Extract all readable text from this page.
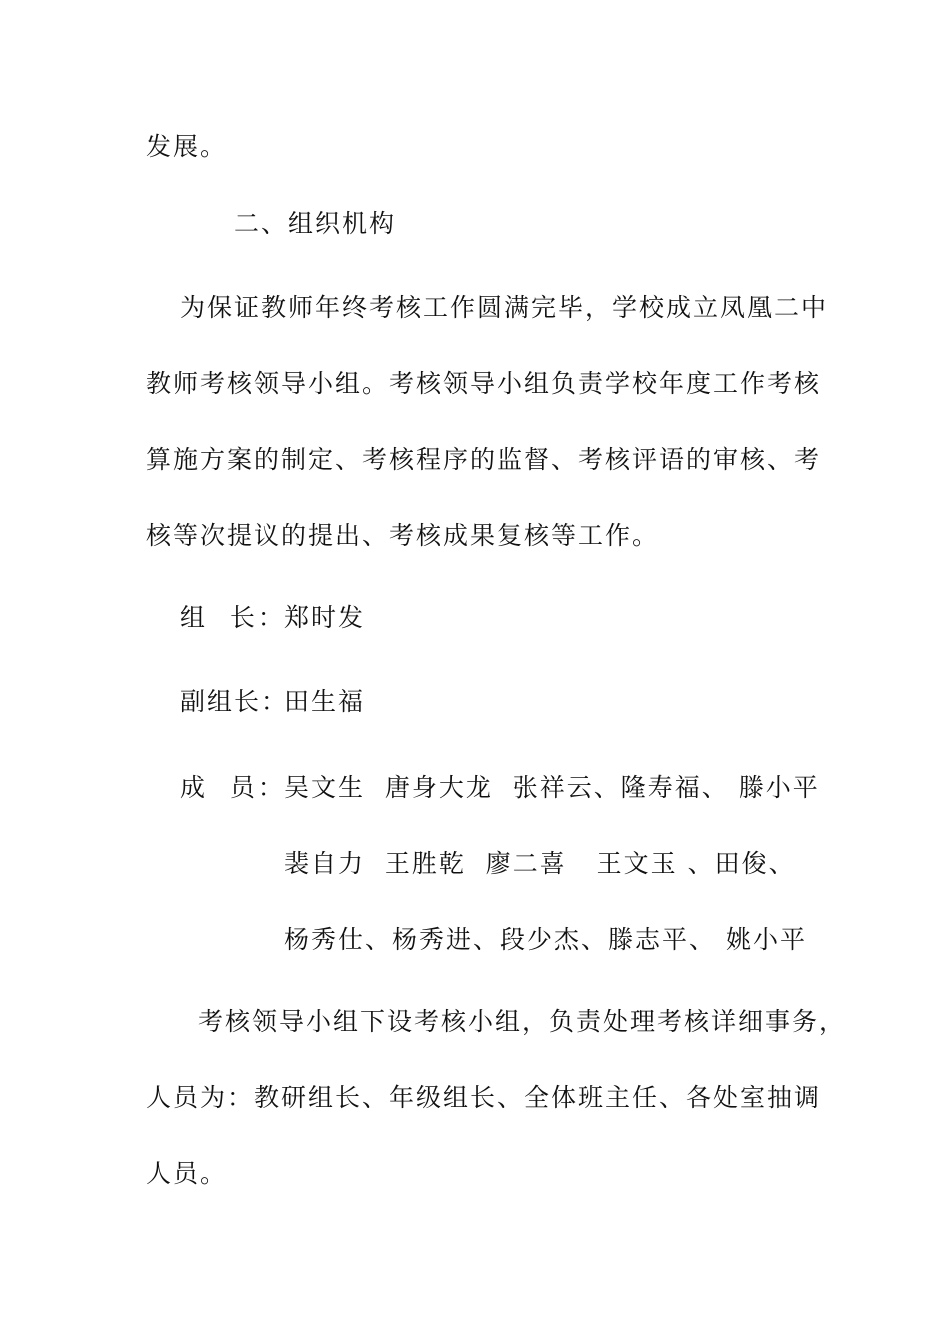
发展。
二、组织机构
为保证教师年终考核工作圆满完毕，学校成立凤凰二中
教师考核领导小组。考核领导小组负责学校年度工作考核
算施方案的制定、考核程序的监督、考核评语的审核、考
核等次提议的提出、考核成果复核等工作。
组  长：
郑时发
副组长：
田生福
成  员：
吴文生  唐身大龙  张祥云、隆寿福、 滕小平
裴自力  王胜乾  廖二喜   王文玉 、田俊、
杨秀仕、杨秀进、段少杰、滕志平、 姚小平
考核领导小组下设考核小组，负责处理考核详细事务，
人员为：教研组长、年级组长、全体班主任、各处室抽调
人员。
